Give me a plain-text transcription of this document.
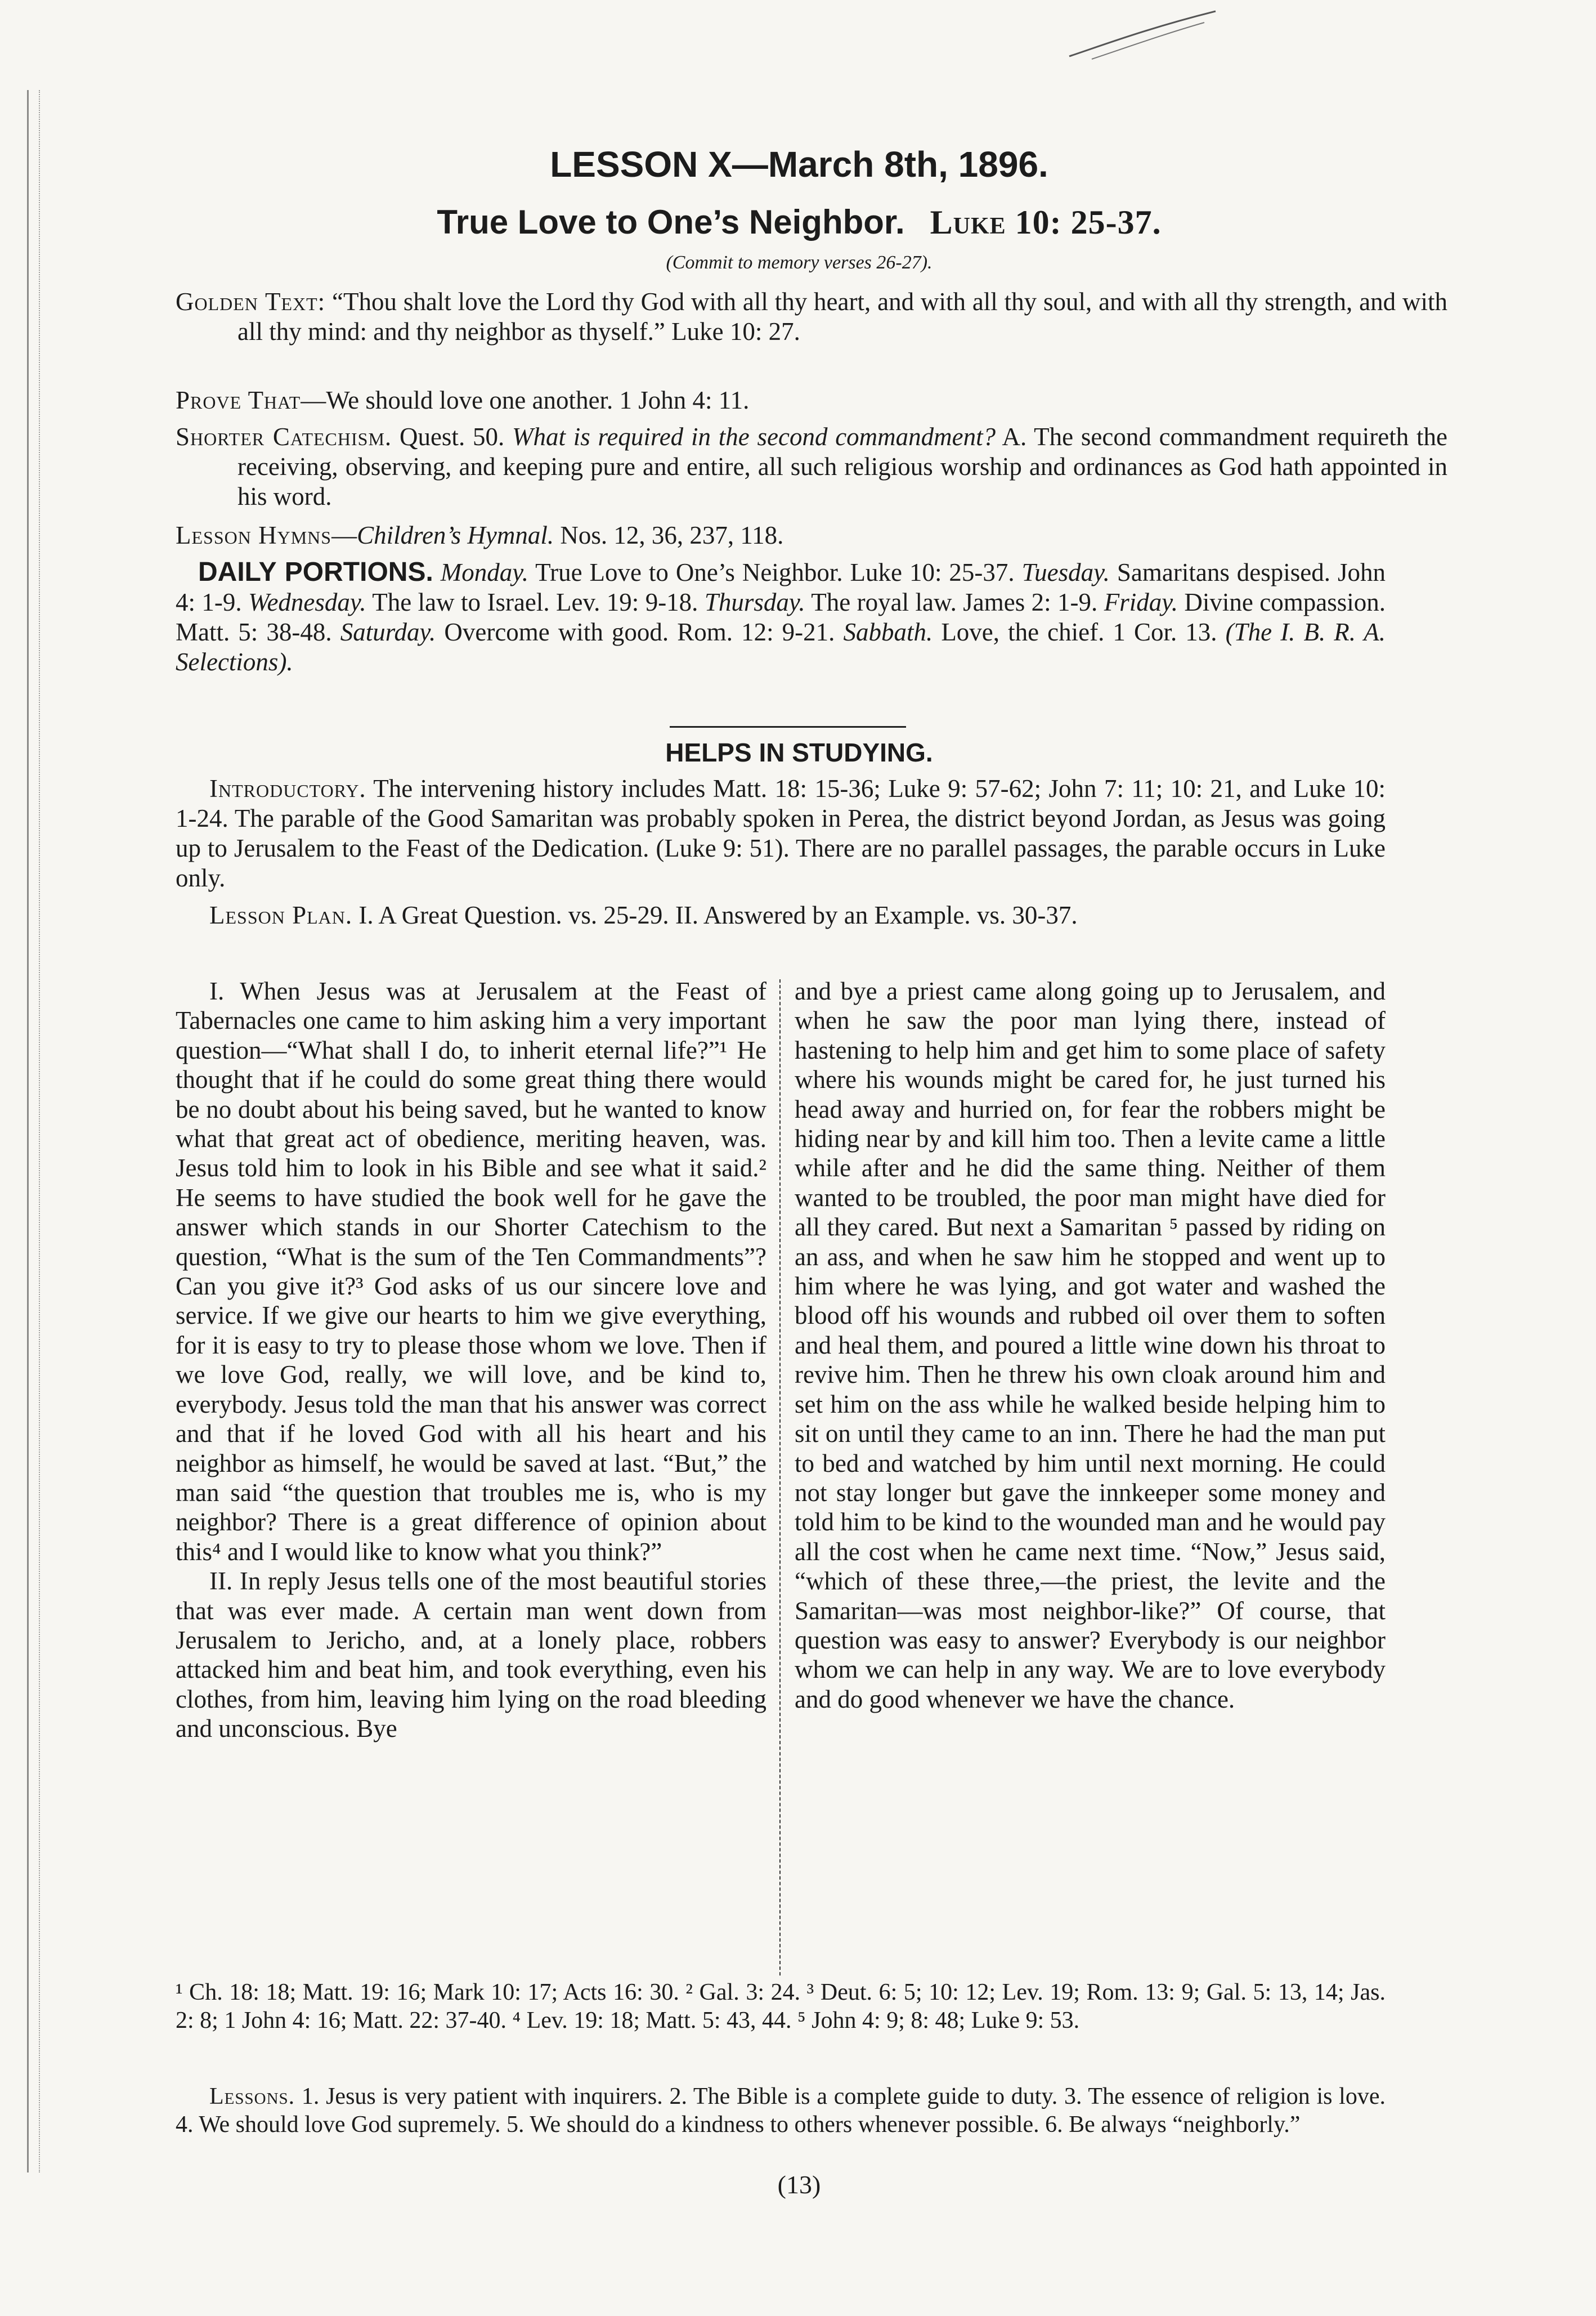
LESSON X—March 8th, 1896.
True Love to One’s Neighbor. Luke 10: 25-37.

(Commit to memory verses 26-27).

Golden Text: “Thou shalt love the Lord thy God with all thy heart, and with all thy soul, and with all thy strength, and with all thy mind: and thy neighbor as thyself.” Luke 10: 27.

Prove That—We should love one another. 1 John 4: 11.

Shorter Catechism. Quest. 50. What is required in the second commandment? A. The second commandment requireth the receiving, observing, and keeping pure and entire, all such religious worship and ordinances as God hath appointed in his word.

Lesson Hymns—Children’s Hymnal. Nos. 12, 36, 237, 118.

DAILY PORTIONS. Monday. True Love to One’s Neighbor. Luke 10: 25-37. Tuesday. Samaritans despised. John 4: 1-9. Wednesday. The law to Israel. Lev. 19: 9-18. Thursday. The royal law. James 2: 1-9. Friday. Divine compassion. Matt. 5: 38-48. Saturday. Overcome with good. Rom. 12: 9-21. Sabbath. Love, the chief. 1 Cor. 13. (The I. B. R. A. Selections).

HELPS IN STUDYING.

Introductory. The intervening history includes Matt. 18: 15-36; Luke 9: 57-62; John 7: 11; 10: 21, and Luke 10: 1-24. The parable of the Good Samaritan was probably spoken in Perea, the district beyond Jordan, as Jesus was going up to Jerusalem to the Feast of the Dedication. (Luke 9: 51). There are no parallel passages, the parable occurs in Luke only.

Lesson Plan. I. A Great Question. vs. 25-29. II. Answered by an Example. vs. 30-37.

I. When Jesus was at Jerusalem at the Feast of Tabernacles one came to him asking him a very important question—“What shall I do, to inherit eternal life?”¹ He thought that if he could do some great thing there would be no doubt about his being saved, but he wanted to know what that great act of obedience, meriting heaven, was. Jesus told him to look in his Bible and see what it said.² He seems to have studied the book well for he gave the answer which stands in our Shorter Catechism to the question, “What is the sum of the Ten Commandments”? Can you give it?³ God asks of us our sincere love and service. If we give our hearts to him we give everything, for it is easy to try to please those whom we love. Then if we love God, really, we will love, and be kind to, everybody. Jesus told the man that his answer was correct and that if he loved God with all his heart and his neighbor as himself, he would be saved at last. “But,” the man said “the question that troubles me is, who is my neighbor? There is a great difference of opinion about this⁴ and I would like to know what you think?”

II. In reply Jesus tells one of the most beautiful stories that was ever made. A certain man went down from Jerusalem to Jericho, and, at a lonely place, robbers attacked him and beat him, and took everything, even his clothes, from him, leaving him lying on the road bleeding and unconscious. Bye

and bye a priest came along going up to Jerusalem, and when he saw the poor man lying there, instead of hastening to help him and get him to some place of safety where his wounds might be cared for, he just turned his head away and hurried on, for fear the robbers might be hiding near by and kill him too. Then a levite came a little while after and he did the same thing. Neither of them wanted to be troubled, the poor man might have died for all they cared. But next a Samaritan ⁵ passed by riding on an ass, and when he saw him he stopped and went up to him where he was lying, and got water and washed the blood off his wounds and rubbed oil over them to soften and heal them, and poured a little wine down his throat to revive him. Then he threw his own cloak around him and set him on the ass while he walked beside helping him to sit on until they came to an inn. There he had the man put to bed and watched by him until next morning. He could not stay longer but gave the innkeeper some money and told him to be kind to the wounded man and he would pay all the cost when he came next time. “Now,” Jesus said, “which of these three,—the priest, the levite and the Samaritan—was most neighbor-like?” Of course, that question was easy to answer? Everybody is our neighbor whom we can help in any way. We are to love everybody and do good whenever we have the chance.

¹ Ch. 18: 18; Matt. 19: 16; Mark 10: 17; Acts 16: 30. ² Gal. 3: 24. ³ Deut. 6: 5; 10: 12; Lev. 19; Rom. 13: 9; Gal. 5: 13, 14; Jas. 2: 8; 1 John 4: 16; Matt. 22: 37-40. ⁴ Lev. 19: 18; Matt. 5: 43, 44. ⁵ John 4: 9; 8: 48; Luke 9: 53.

Lessons. 1. Jesus is very patient with inquirers. 2. The Bible is a complete guide to duty. 3. The essence of religion is love. 4. We should love God supremely. 5. We should do a kindness to others whenever possible. 6. Be always “neighborly.”

(13)
